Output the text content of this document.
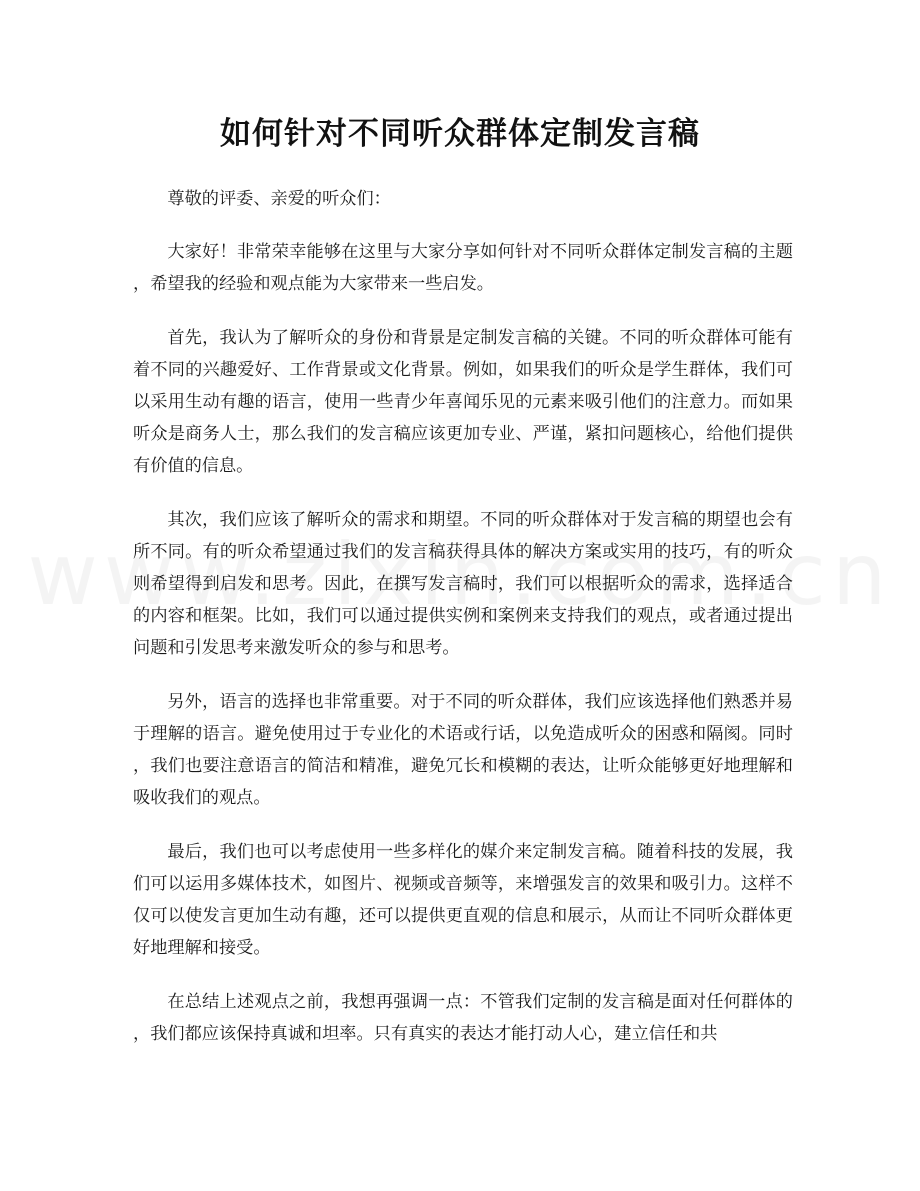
如何针对不同听众群体定制发言稿

尊敬的评委、亲爱的听众们：

大家好！非常荣幸能够在这里与大家分享如何针对不同听众群体定制发言稿的主题，希望我的经验和观点能为大家带来一些启发。

首先，我认为了解听众的身份和背景是定制发言稿的关键。不同的听众群体可能有着不同的兴趣爱好、工作背景或文化背景。例如，如果我们的听众是学生群体，我们可以采用生动有趣的语言，使用一些青少年喜闻乐见的元素来吸引他们的注意力。而如果听众是商务人士，那么我们的发言稿应该更加专业、严谨，紧扣问题核心，给他们提供有价值的信息。

其次，我们应该了解听众的需求和期望。不同的听众群体对于发言稿的期望也会有所不同。有的听众希望通过我们的发言稿获得具体的解决方案或实用的技巧，有的听众则希望得到启发和思考。因此，在撰写发言稿时，我们可以根据听众的需求，选择适合的内容和框架。比如，我们可以通过提供实例和案例来支持我们的观点，或者通过提出问题和引发思考来激发听众的参与和思考。

另外，语言的选择也非常重要。对于不同的听众群体，我们应该选择他们熟悉并易于理解的语言。避免使用过于专业化的术语或行话，以免造成听众的困惑和隔阂。同时，我们也要注意语言的简洁和精准，避免冗长和模糊的表达，让听众能够更好地理解和吸收我们的观点。

最后，我们也可以考虑使用一些多样化的媒介来定制发言稿。随着科技的发展，我们可以运用多媒体技术，如图片、视频或音频等，来增强发言的效果和吸引力。这样不仅可以使发言更加生动有趣，还可以提供更直观的信息和展示，从而让不同听众群体更好地理解和接受。

在总结上述观点之前，我想再强调一点：不管我们定制的发言稿是面对任何群体的，我们都应该保持真诚和坦率。只有真实的表达才能打动人心，建立信任和共
